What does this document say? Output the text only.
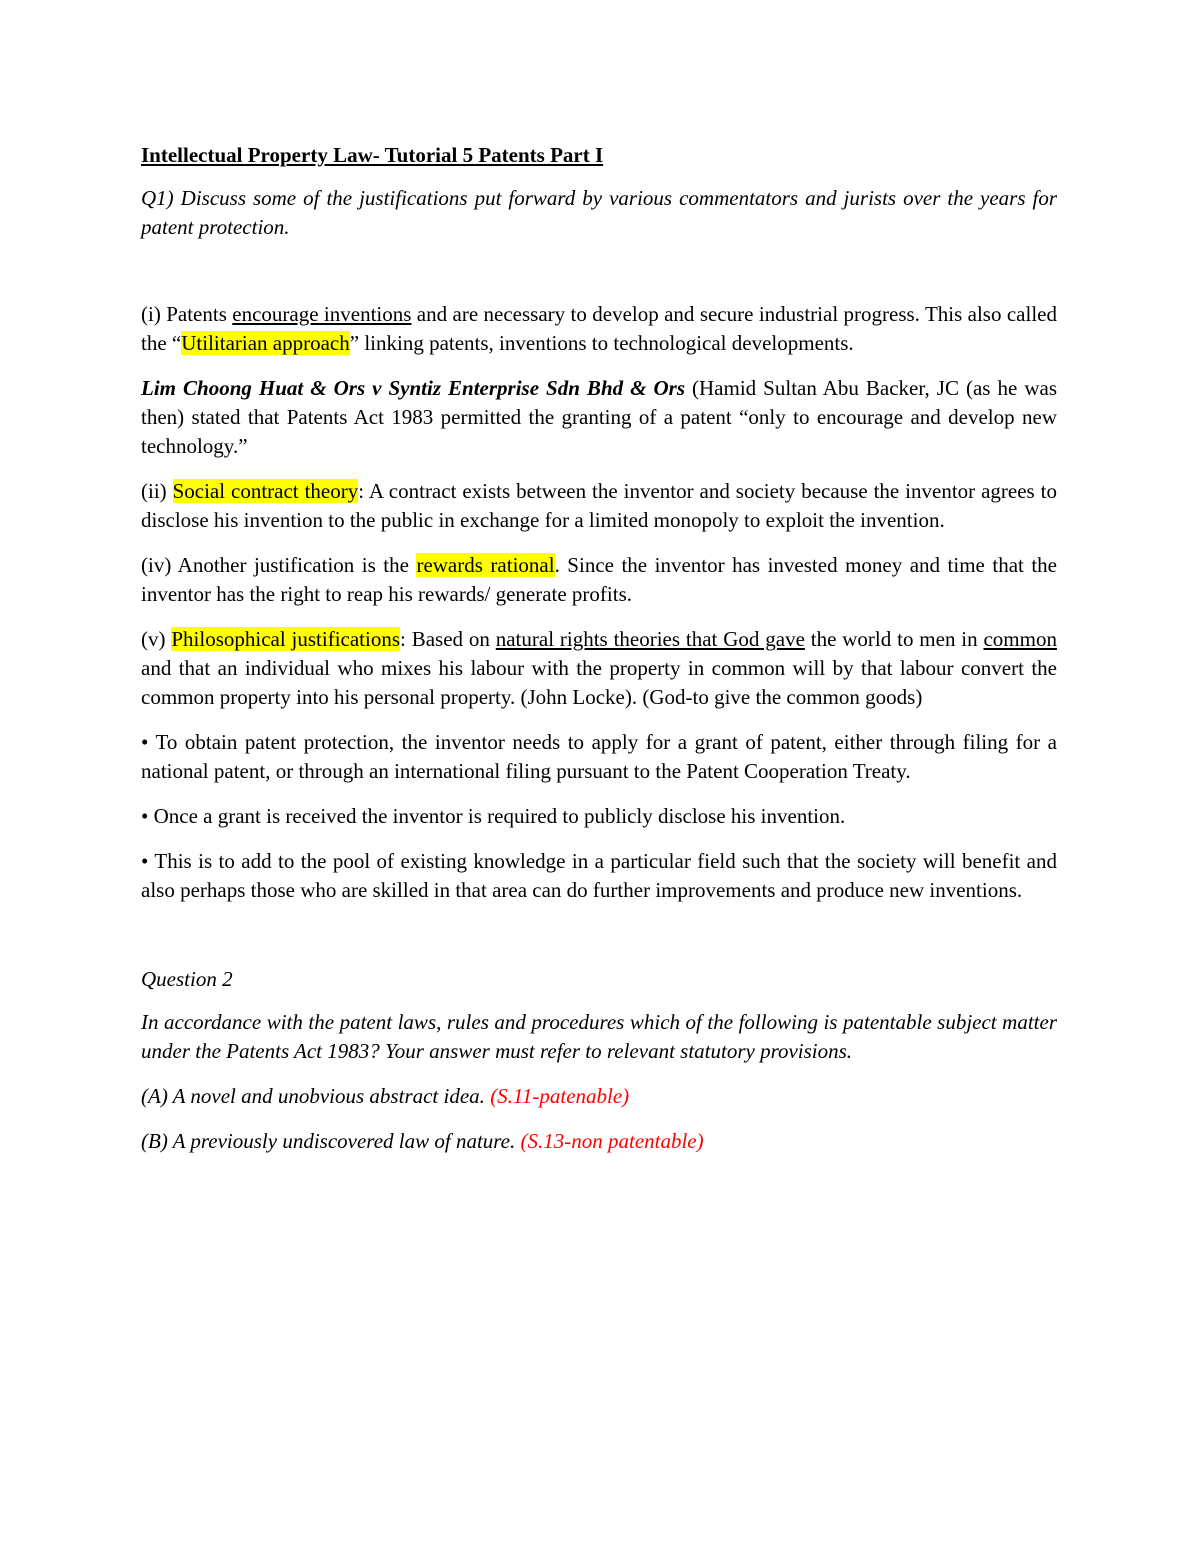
Intellectual Property Law- Tutorial 5 Patents Part I

Q1) Discuss some of the justifications put forward by various commentators and jurists over the years for patent protection.

(i) Patents encourage inventions and are necessary to develop and secure industrial progress. This also called the “Utilitarian approach” linking patents, inventions to technological developments.

Lim Choong Huat & Ors v Syntiz Enterprise Sdn Bhd & Ors (Hamid Sultan Abu Backer, JC (as he was then) stated that Patents Act 1983 permitted the granting of a patent “only to encourage and develop new technology.”

(ii) Social contract theory: A contract exists between the inventor and society because the inventor agrees to disclose his invention to the public in exchange for a limited monopoly to exploit the invention.

(iv) Another justification is the rewards rational. Since the inventor has invested money and time that the inventor has the right to reap his rewards/ generate profits.

(v) Philosophical justifications: Based on natural rights theories that God gave the world to men in common and that an individual who mixes his labour with the property in common will by that labour convert the common property into his personal property. (John Locke). (God-to give the common goods)

• To obtain patent protection, the inventor needs to apply for a grant of patent, either through filing for a national patent, or through an international filing pursuant to the Patent Cooperation Treaty.

• Once a grant is received the inventor is required to publicly disclose his invention.

• This is to add to the pool of existing knowledge in a particular field such that the society will benefit and also perhaps those who are skilled in that area can do further improvements and produce new inventions.

Question 2

In accordance with the patent laws, rules and procedures which of the following is patentable subject matter under the Patents Act 1983? Your answer must refer to relevant statutory provisions.

(A) A novel and unobvious abstract idea. (S.11-patenable)

(B) A previously undiscovered law of nature. (S.13-non patentable)
